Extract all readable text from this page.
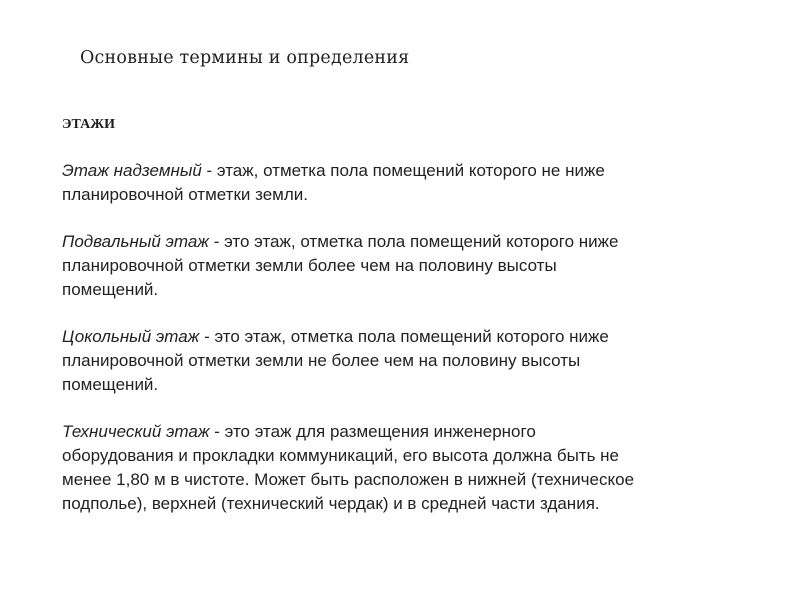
Основные термины и определения
ЭТАЖИ

Этаж надземный - этаж, отметка пола помещений которого не ниже
планировочной отметки земли.

Подвальный этаж - это этаж, отметка пола помещений которого ниже
планировочной отметки земли более чем на половину высоты
помещений.

Цокольный этаж - это этаж, отметка пола помещений которого ниже
планировочной отметки земли не более чем на половину высоты
помещений.

Технический этаж - это этаж для размещения инженерного
оборудования и прокладки коммуникаций, его высота должна быть не
менее 1,80 м в чистоте. Может быть расположен в нижней (техническое
подполье), верхней (технический чердак) и в средней части здания.
